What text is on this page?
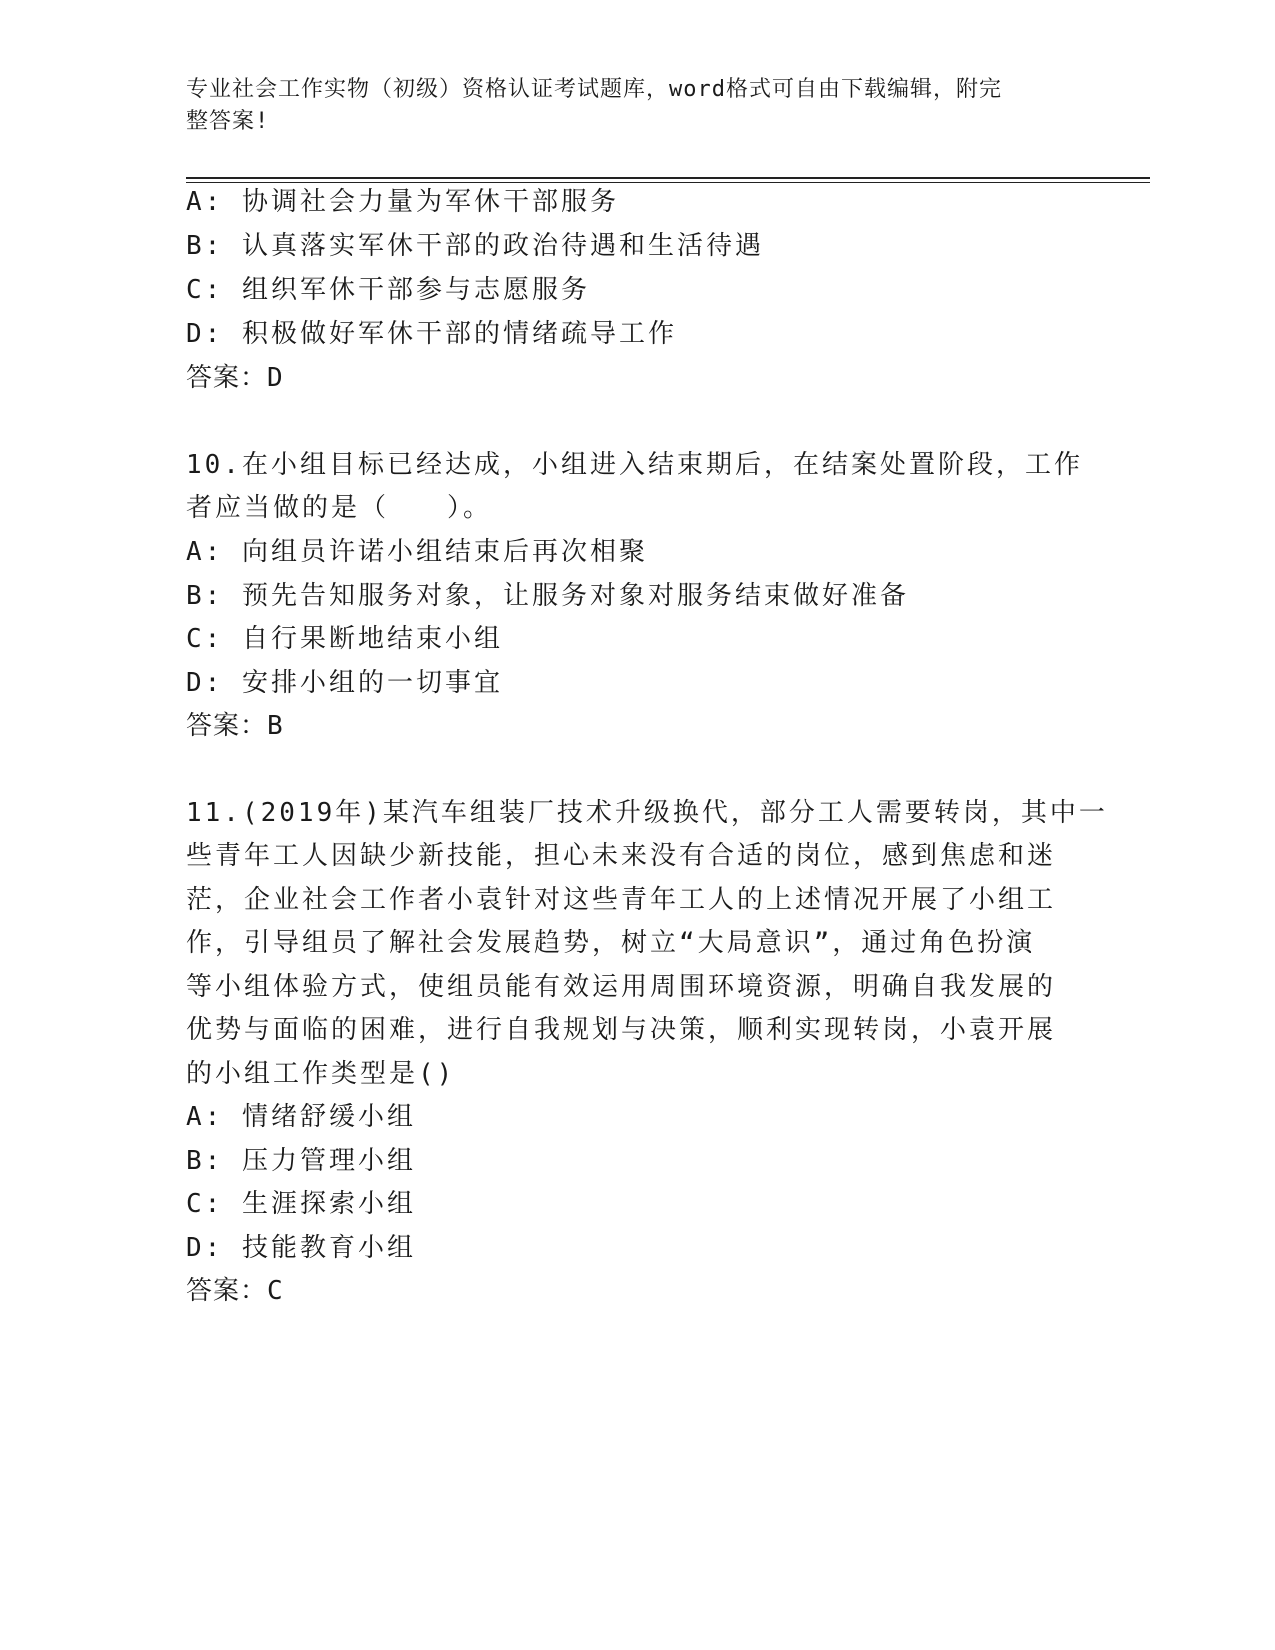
专业社会工作实物（初级）资格认证考试题库，word格式可自由下载编辑，附完
整答案!
A: 协调社会力量为军休干部服务
B: 认真落实军休干部的政治待遇和生活待遇
C: 组织军休干部参与志愿服务
D: 积极做好军休干部的情绪疏导工作
答案：D
10.在小组目标已经达成，小组进入结束期后，在结案处置阶段，工作
者应当做的是（　　）。
A: 向组员许诺小组结束后再次相聚
B: 预先告知服务对象，让服务对象对服务结束做好准备
C: 自行果断地结束小组
D: 安排小组的一切事宜
答案：B
11.(2019年)某汽车组装厂技术升级换代，部分工人需要转岗，其中一
些青年工人因缺少新技能，担心未来没有合适的岗位，感到焦虑和迷
茫，企业社会工作者小袁针对这些青年工人的上述情况开展了小组工
作，引导组员了解社会发展趋势，树立“大局意识”，通过角色扮演
等小组体验方式，使组员能有效运用周围环境资源，明确自我发展的
优势与面临的困难，进行自我规划与决策，顺利实现转岗，小袁开展
的小组工作类型是()
A: 情绪舒缓小组
B: 压力管理小组
C: 生涯探索小组
D: 技能教育小组
答案：C
